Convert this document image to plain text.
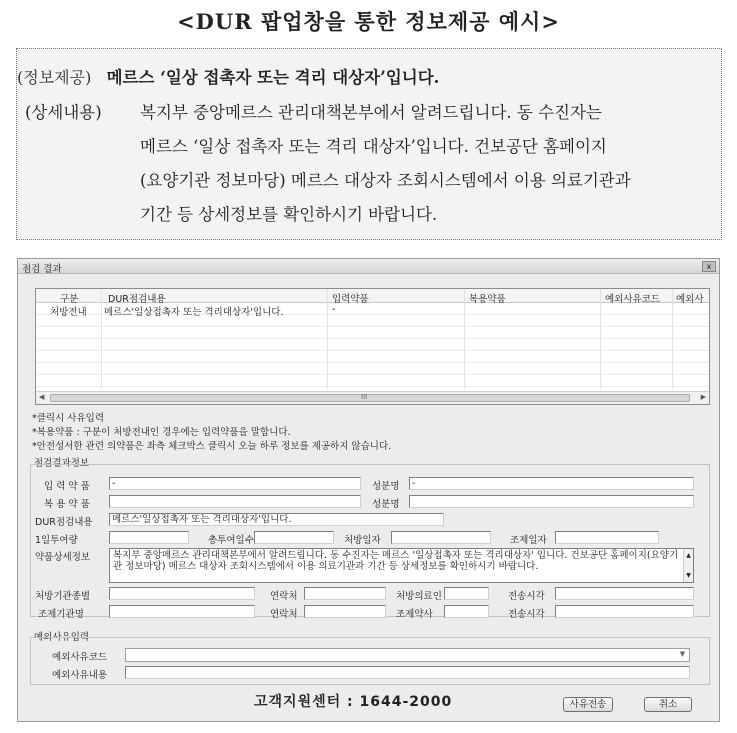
<DUR 팝업창을 통한 정보제공 예시>
(정보제공) 메르스 ‘일상 접촉자 또는 격리 대상자’입니다.
(상세내용) 복지부 중앙메르스 관리대책본부에서 알려드립니다. 동 수진자는
메르스 ‘일상 접촉자 또는 격리 대상자’입니다. 건보공단 홈페이지
(요양기관 정보마당) 메르스 대상자 조회시스템에서 이용 의료기관과
기간 등 상세정보를 확인하시기 바랍니다.
점검 결과	x
구분	DUR점검내용	입력약품	복용약품	예외사유코드 예외사
처방전내 메르스'일상접촉자 또는 격리대상자'입니다.	-
◀	III	▶
*클릭시 사유입력
*복용약품 : 구분이 처방전내인 경우에는 입력약품을 말합니다.
*안전성서한 관련 의약품은 좌측 체크박스 클릭시 오늘 하루 정보를 제공하지 않습니다.
점검결과정보
입 력 약 품	-	성분명	-
복 용 약 품	성분명
DUR점검내용	메르스'일상접촉자 또는 격리대상자'입니다.
1일투여량	총투여일수	처방일자	조제일자
약품상세정보	복지부 중앙메르스 관리대책본부에서 알려드립니다. 동 수진자는 메르스 '일상접촉자 또는 격리대상자' 입니다. 건보공단 홈페이지(요양기관 정보마당) 메르스 대상자 조회시스템에서 이용 의료기관과 기간 등 상세정보를 확인하시기 바랍니다.
▲
▼
처방기관종별	연락처	처방의료인	전송시각
조제기관명	연락처	조제약사	전송시각
예외사유입력
예외사유코드	▼
예외사유내용
고객지원센터 : 1644-2000	사유전송	취소
